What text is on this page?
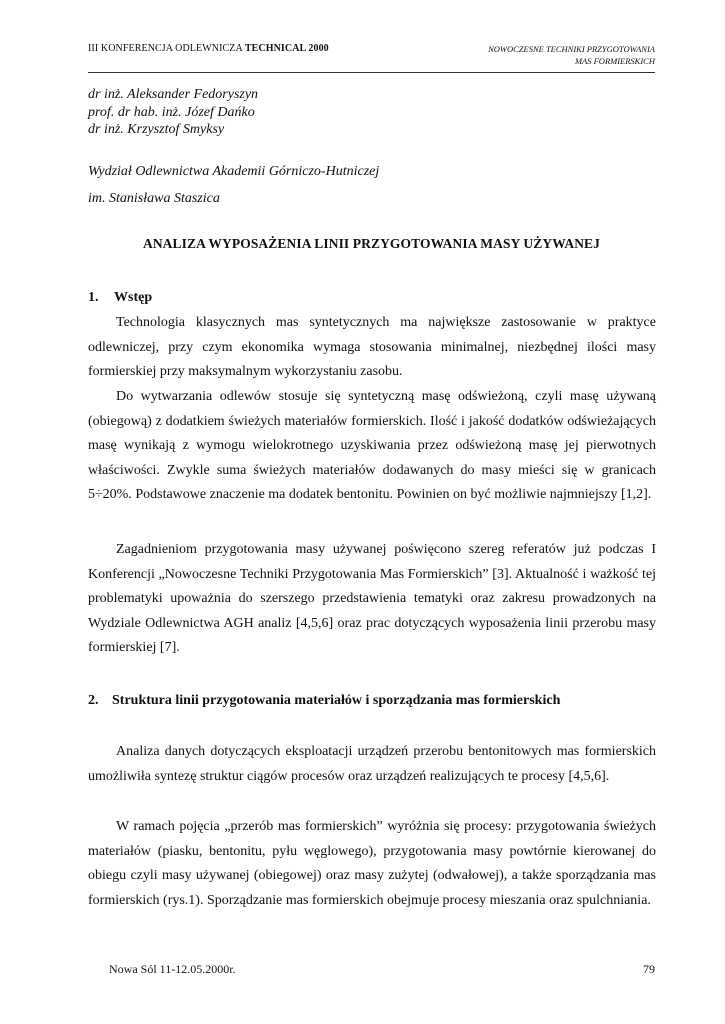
III KONFERENCJA ODLEWNICZA TECHNICAL 2000	NOWOCZESNE TECHNIKI PRZYGOTOWANIA
MAS FORMIERSKICH
dr inż. Aleksander Fedoryszyn
prof. dr hab. inż. Józef Dańko
dr inż. Krzysztof Smyksy
Wydział Odlewnictwa Akademii Górniczo-Hutniczej
im. Stanisława Staszica
ANALIZA WYPOSAŻENIA LINII PRZYGOTOWANIA MASY UŻYWANEJ
1. Wstęp

Technologia klasycznych mas syntetycznych ma największe zastosowanie w praktyce odlewniczej, przy czym ekonomika wymaga stosowania minimalnej, niezbędnej ilości masy formierskiej przy maksymalnym wykorzystaniu zasobu.

Do wytwarzania odlewów stosuje się syntetyczną masę odświeżoną, czyli masę używaną (obiegową) z dodatkiem świeżych materiałów formierskich. Ilość i jakość dodatków odświeżających masę wynikają z wymogu wielokrotnego uzyskiwania przez odświeżoną masę jej pierwotnych właściwości. Zwykle suma świeżych materiałów dodawanych do masy mieści się w granicach 5÷20%. Podstawowe znaczenie ma dodatek bentonitu. Powinien on być możliwie najmniejszy [1,2].

Zagadnieniom przygotowania masy używanej poświęcono szereg referatów już podczas I Konferencji „Nowoczesne Techniki Przygotowania Mas Formierskich” [3]. Aktualność i ważkość tej problematyki upoważnia do szerszego przedstawienia tematyki oraz zakresu prowadzonych na Wydziale Odlewnictwa AGH analiz [4,5,6] oraz prac dotyczących wyposażenia linii przerobu masy formierskiej [7].

2. Struktura linii przygotowania materiałów i sporządzania mas formierskich

Analiza danych dotyczących eksploatacji urządzeń przerobu bentonitowych mas formierskich umożliwiła syntezę struktur ciągów procesów oraz urządzeń realizujących te procesy [4,5,6].

W ramach pojęcia „przerób mas formierskich” wyróżnia się procesy: przygotowania świeżych materiałów (piasku, bentonitu, pyłu węglowego), przygotowania masy powtórnie kierowanej do obiegu czyli masy używanej (obiegowej) oraz masy zużytej (odwałowej), a także sporządzania mas formierskich (rys.1). Sporządzanie mas formierskich obejmuje procesy mieszania oraz spulchniania.

Nowa Sól 11-12.05.2000r.	79
